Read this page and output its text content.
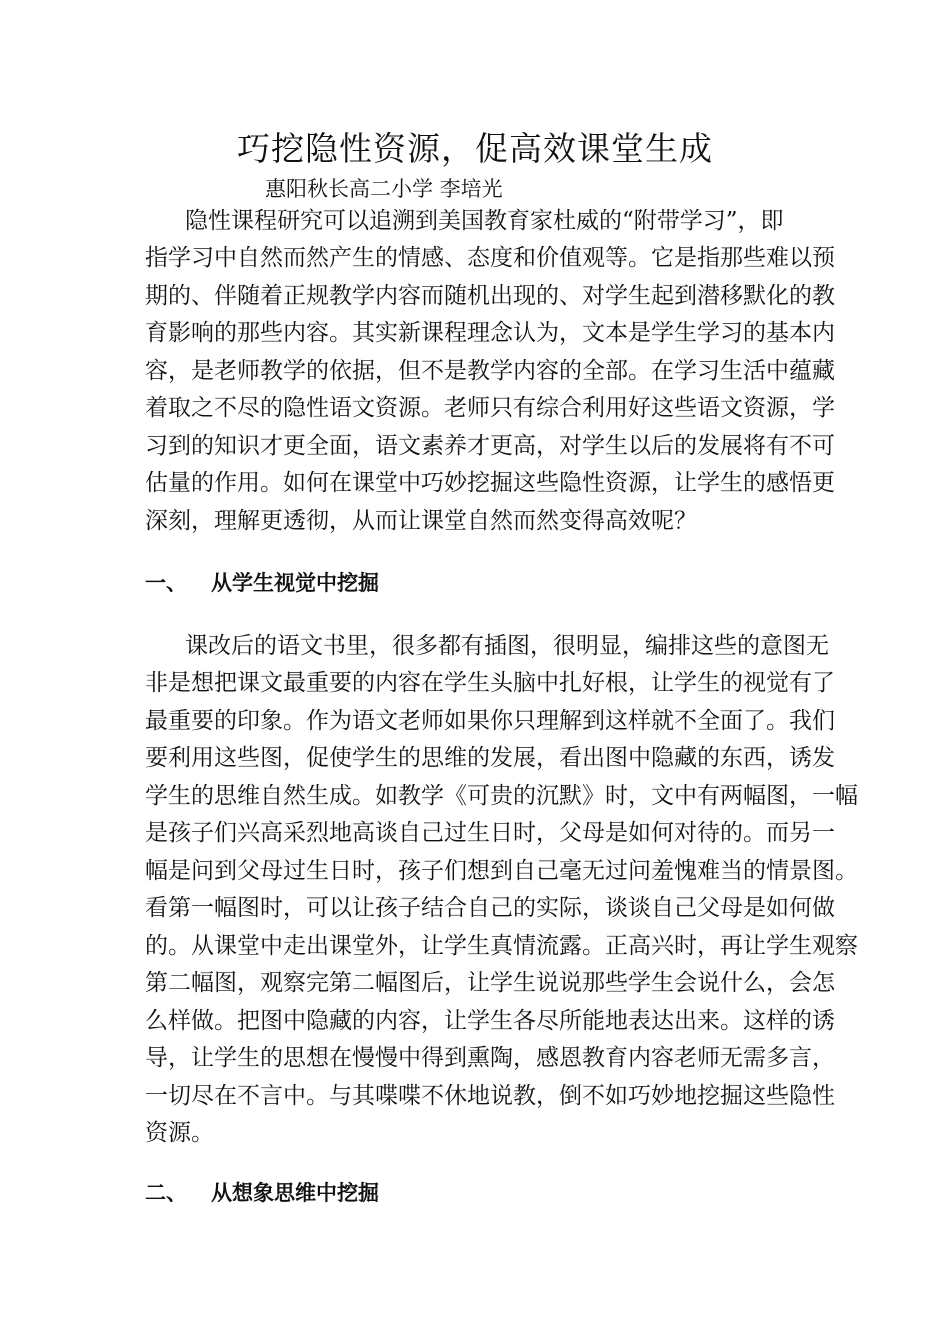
巧挖隐性资源，促高效课堂生成
惠阳秋长高二小学 李培光
隐性课程研究可以追溯到美国教育家杜威的“附带学习”，即
指学习中自然而然产生的情感、态度和价值观等。它是指那些难以预
期的、伴随着正规教学内容而随机出现的、对学生起到潜移默化的教
育影响的那些内容。其实新课程理念认为，文本是学生学习的基本内
容，是老师教学的依据，但不是教学内容的全部。在学习生活中蕴藏
着取之不尽的隐性语文资源。老师只有综合利用好这些语文资源，学
习到的知识才更全面，语文素养才更高，对学生以后的发展将有不可
估量的作用。如何在课堂中巧妙挖掘这些隐性资源，让学生的感悟更
深刻，理解更透彻，从而让课堂自然而然变得高效呢？
一、 从学生视觉中挖掘
课改后的语文书里，很多都有插图，很明显，编排这些的意图无
非是想把课文最重要的内容在学生头脑中扎好根，让学生的视觉有了
最重要的印象。作为语文老师如果你只理解到这样就不全面了。我们
要利用这些图，促使学生的思维的发展，看出图中隐藏的东西，诱发
学生的思维自然生成。如教学《可贵的沉默》时，文中有两幅图，一幅
是孩子们兴高采烈地高谈自己过生日时，父母是如何对待的。而另一
幅是问到父母过生日时，孩子们想到自己毫无过问羞愧难当的情景图。
看第一幅图时，可以让孩子结合自己的实际，谈谈自己父母是如何做
的。从课堂中走出课堂外，让学生真情流露。正高兴时，再让学生观察
第二幅图，观察完第二幅图后，让学生说说那些学生会说什么，会怎
么样做。把图中隐藏的内容，让学生各尽所能地表达出来。这样的诱
导，让学生的思想在慢慢中得到熏陶，感恩教育内容老师无需多言，
一切尽在不言中。与其喋喋不休地说教，倒不如巧妙地挖掘这些隐性
资源。
二、 从想象思维中挖掘
